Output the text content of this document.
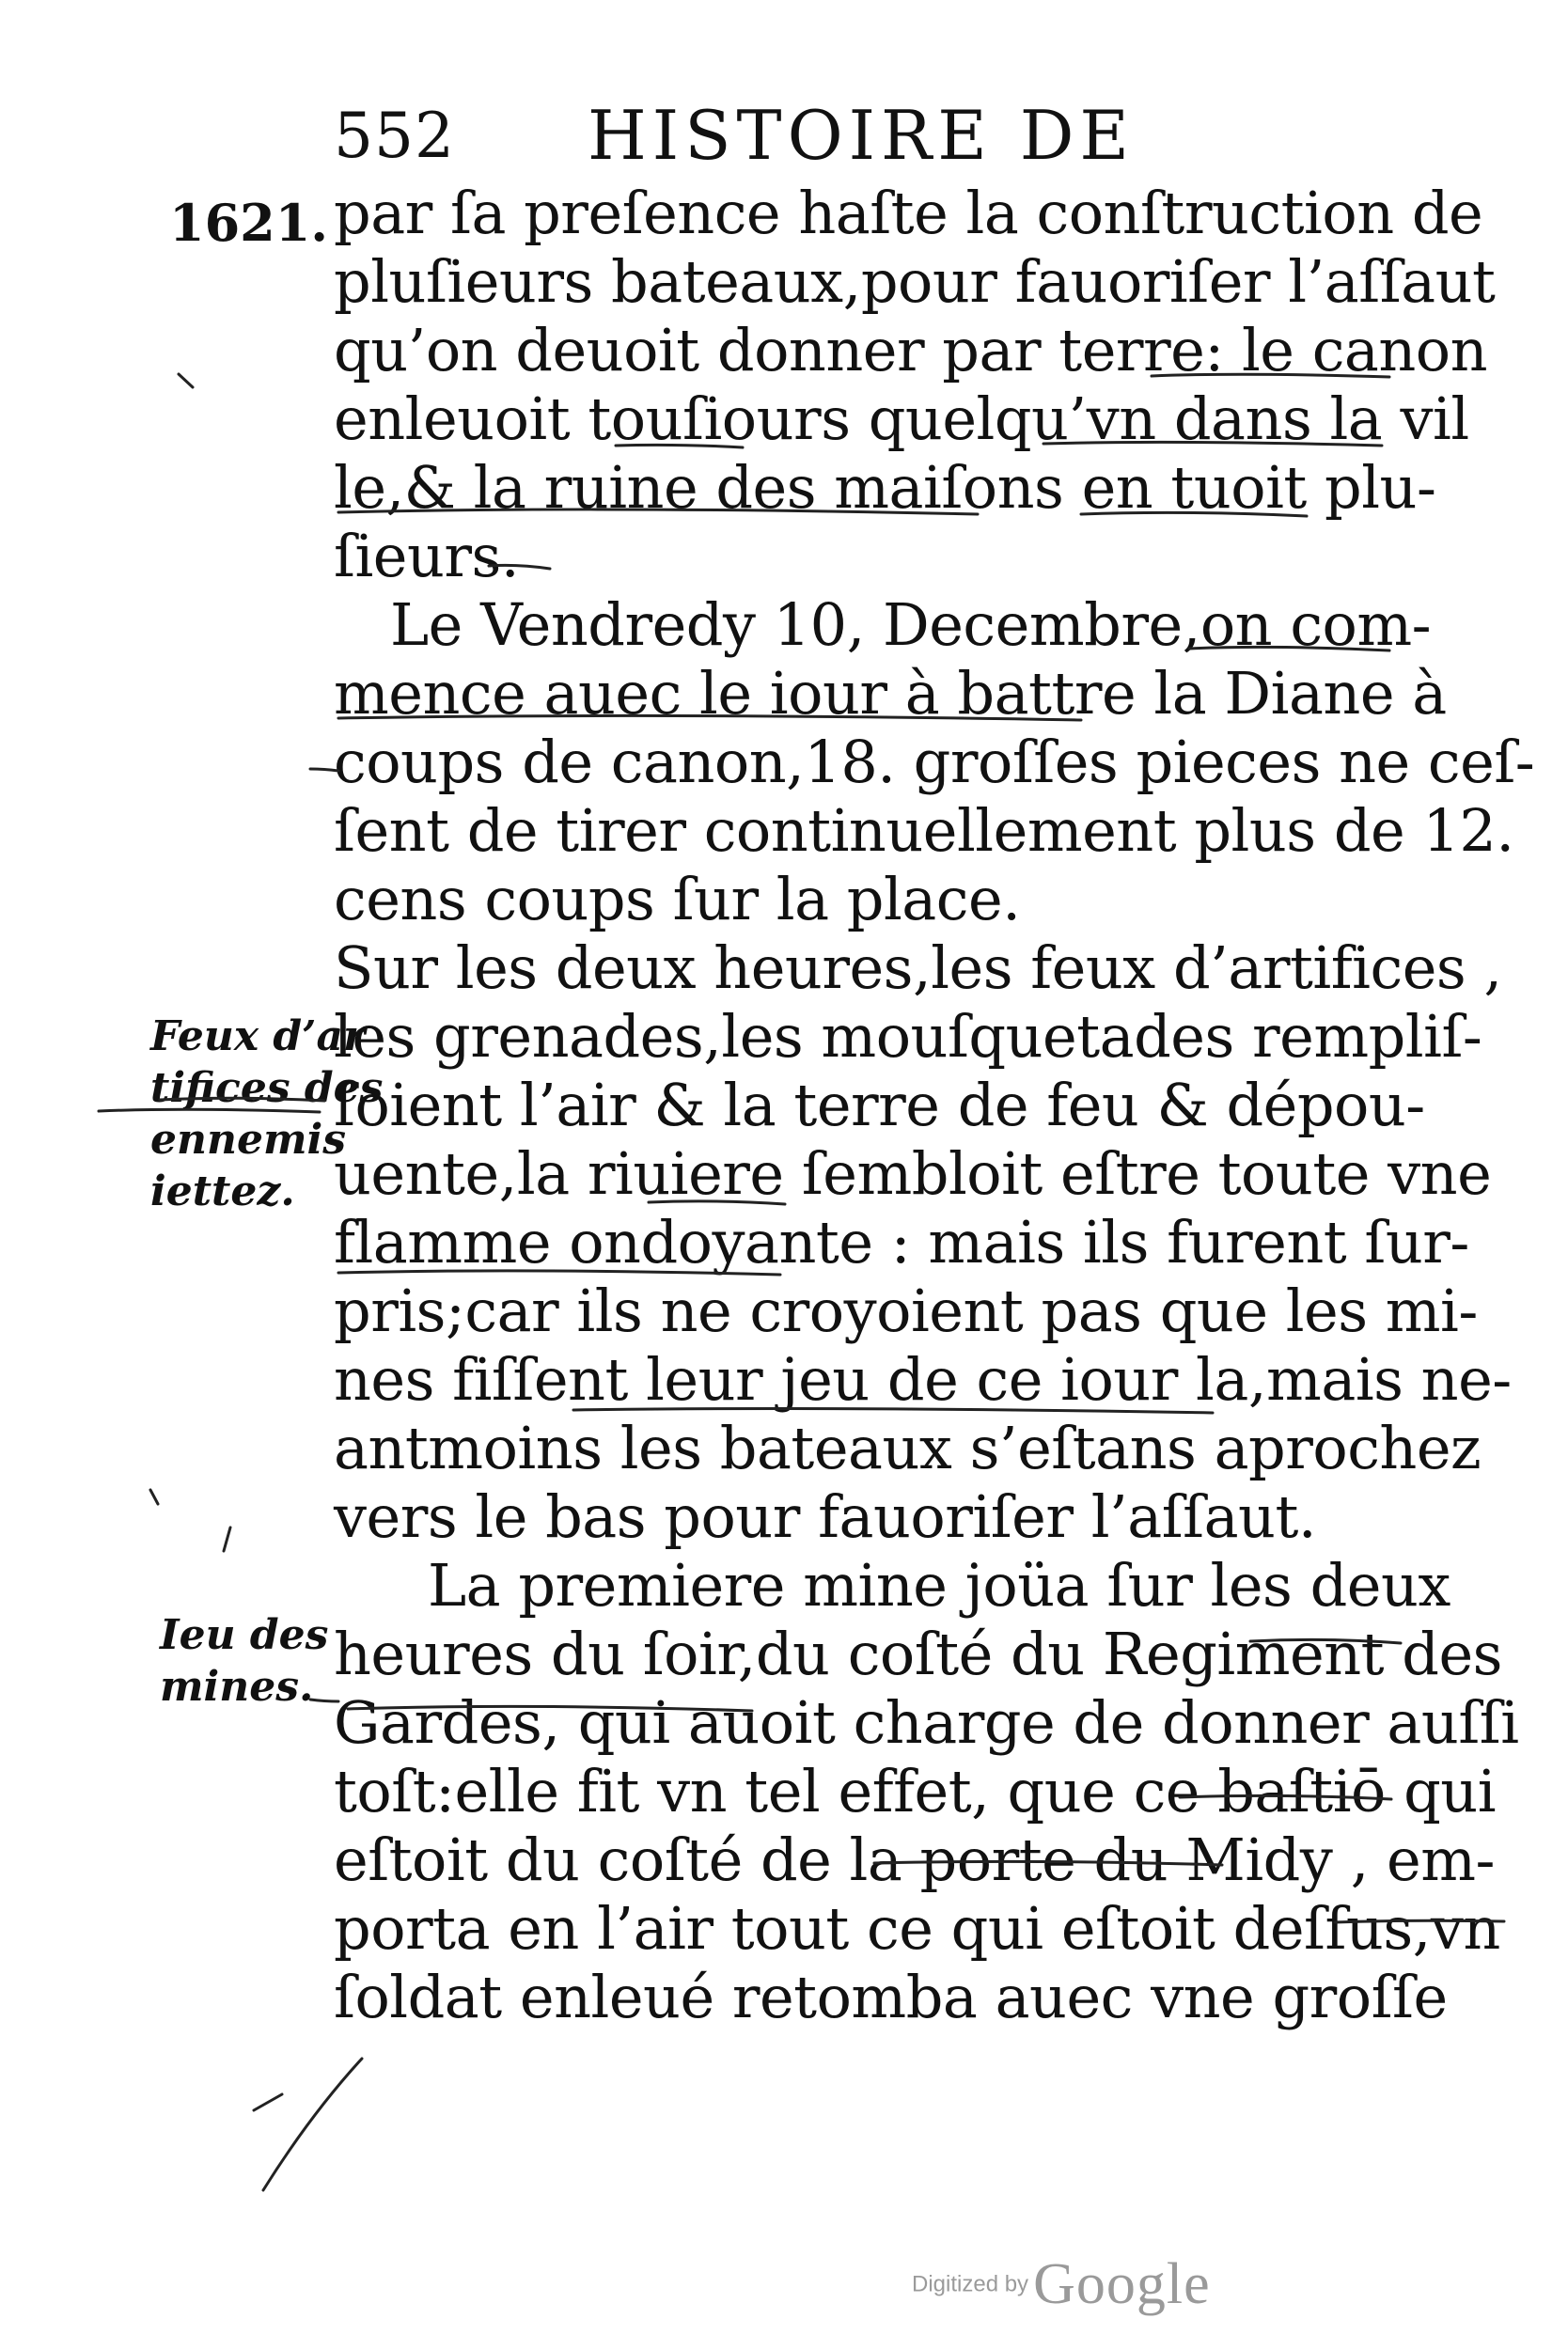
552 HISTOIRE DE
1621. par ſa preſence haſte la conſtruction de
pluſieurs bateaux,pour fauoriſer l’aſſaut
qu’on deuoit donner par terre: le canon
enleuoit touſiours quelqu’vn dans la vil
le,& la ruine des maiſons en tuoit plu-
ſieurs.
Le Vendredy 10, Decembre,on com-
mence auec le iour à battre la Diane à
coups de canon,18. groſſes pieces ne ceſ-
ſent de tirer continuellement plus de 12.
cens coups ſur la place.
Sur les deux heures,les feux d’artifices ,
les grenades,les mouſquetades rempliſ-
ſoient l’air & la terre de feu & dépou-
uente,la riuiere ſembloit eſtre toute vne
flamme ondoyante : mais ils furent ſur-
pris;car ils ne croyoient pas que les mi-
nes fiſſent leur jeu de ce iour la,mais ne-
antmoins les bateaux s’eſtans aprochez
vers le bas pour fauoriſer l’aſſaut.
La premiere mine joüa ſur les deux
heures du ſoir,du coſté du Regiment des
Gardes, qui auoit charge de donner auſſi
toſt:elle fit vn tel effet, que ce baſtiō qui
eſtoit du coſté de la porte du Midy , em-
porta en l’air tout ce qui eſtoit deſſus,vn
ſoldat enleué retomba auec vne groſſe
Feux d’ar
tifices des
ennemis
iettez.
Ieu des
mines.
Digitized by Google
